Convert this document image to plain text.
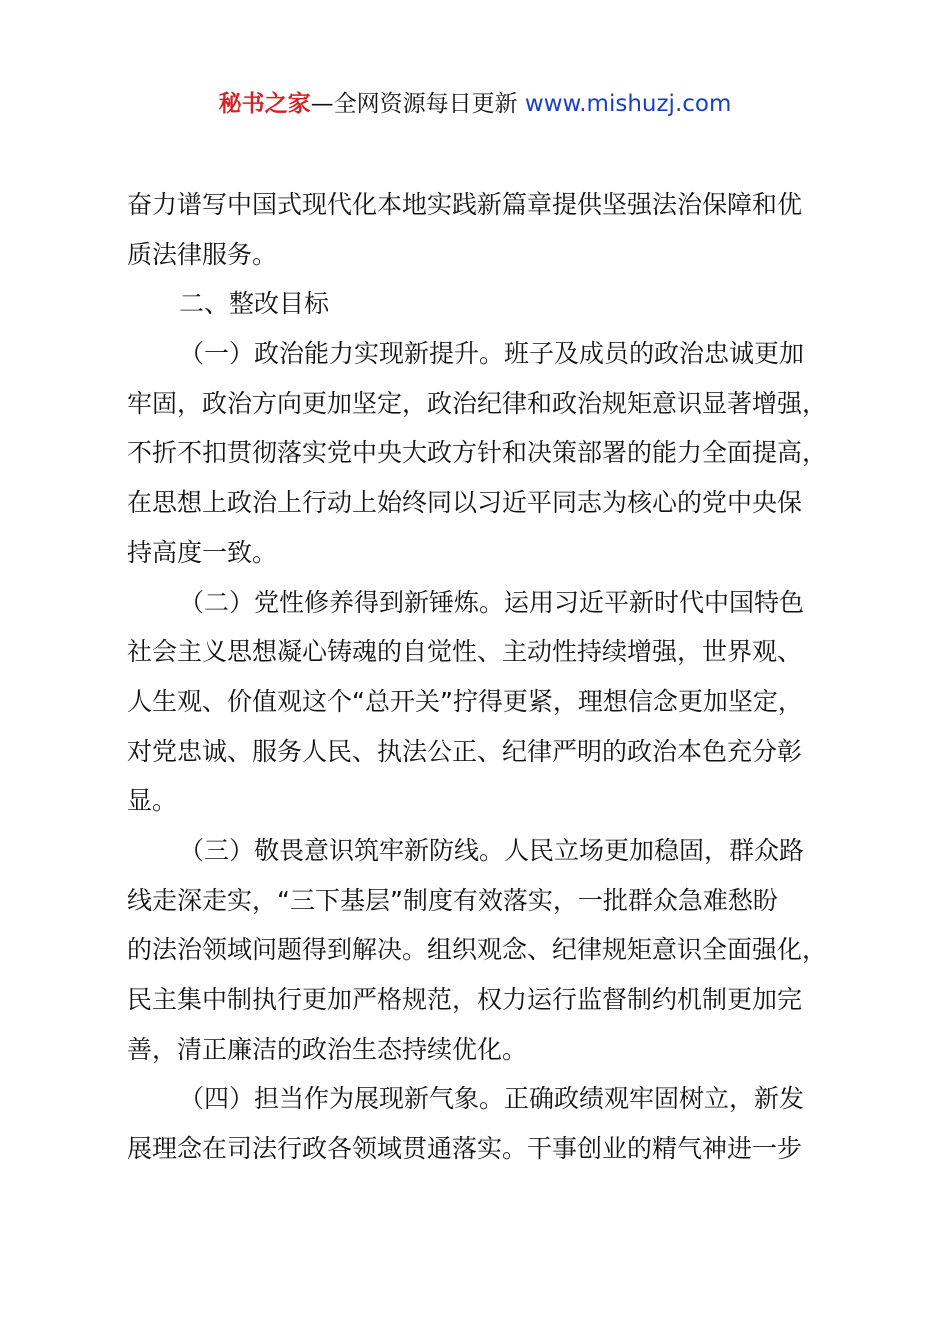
秘书之家—全网资源每日更新 www.mishuzj.com
奋力谱写中国式现代化本地实践新篇章提供坚强法治保障和优
质法律服务。
二、整改目标
（一）政治能力实现新提升。班子及成员的政治忠诚更加
牢固，政治方向更加坚定，政治纪律和政治规矩意识显著增强，
不折不扣贯彻落实党中央大政方针和决策部署的能力全面提高，
在思想上政治上行动上始终同以习近平同志为核心的党中央保
持高度一致。
（二）党性修养得到新锤炼。运用习近平新时代中国特色
社会主义思想凝心铸魂的自觉性、主动性持续增强，世界观、
人生观、价值观这个“总开关”拧得更紧，理想信念更加坚定，
对党忠诚、服务人民、执法公正、纪律严明的政治本色充分彰
显。
（三）敬畏意识筑牢新防线。人民立场更加稳固，群众路
线走深走实，“三下基层”制度有效落实，一批群众急难愁盼
的法治领域问题得到解决。组织观念、纪律规矩意识全面强化，
民主集中制执行更加严格规范，权力运行监督制约机制更加完
善，清正廉洁的政治生态持续优化。
（四）担当作为展现新气象。正确政绩观牢固树立，新发
展理念在司法行政各领域贯通落实。干事创业的精气神进一步
